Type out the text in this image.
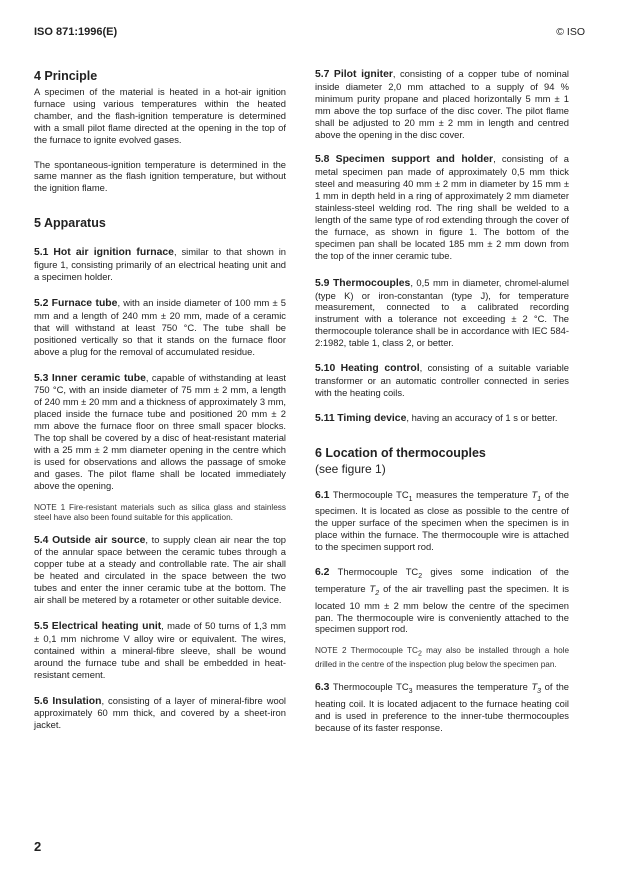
ISO 871:1996(E)	© ISO
4 Principle

A specimen of the material is heated in a hot-air ignition furnace using various temperatures within the heated chamber, and the flash-ignition temperature is determined with a small pilot flame directed at the opening in the top of the furnace to ignite evolved gases.

The spontaneous-ignition temperature is determined in the same manner as the flash ignition temperature, but without the ignition flame.

5 Apparatus

5.1 Hot air ignition furnace, similar to that shown in figure 1, consisting primarily of an electrical heating unit and a specimen holder.

5.2 Furnace tube, with an inside diameter of 100 mm ± 5 mm and a length of 240 mm ± 20 mm, made of a ceramic that will withstand at least 750 °C. The tube shall be positioned vertically so that it stands on the furnace floor above a plug for the removal of accumulated residue.

5.3 Inner ceramic tube, capable of withstanding at least 750 °C, with an inside diameter of 75 mm ± 2 mm, a length of 240 mm ± 20 mm and a thickness of approximately 3 mm, placed inside the furnace tube and positioned 20 mm ± 2 mm above the furnace floor on three small spacer blocks. The top shall be covered by a disc of heat-resistant material with a 25 mm ± 2 mm diameter opening in the centre which is used for observations and allows the passage of smoke and gases. The pilot flame shall be located immediately above the opening.

NOTE 1 Fire-resistant materials such as silica glass and stainless steel have also been found suitable for this application.

5.4 Outside air source, to supply clean air near the top of the annular space between the ceramic tubes through a copper tube at a steady and controllable rate. The air shall be heated and circulated in the space between the two tubes and enter the inner ceramic tube at the bottom. The air shall be metered by a rotameter or other suitable device.

5.5 Electrical heating unit, made of 50 turns of 1,3 mm ± 0,1 mm nichrome V alloy wire or equivalent. The wires, contained within a mineral-fibre sleeve, shall be wound around the furnace tube and shall be embedded in heat-resistant cement.

5.6 Insulation, consisting of a layer of mineral-fibre wool approximately 60 mm thick, and covered by a sheet-iron jacket.

5.7 Pilot igniter, consisting of a copper tube of nominal inside diameter 2,0 mm attached to a supply of 94 % minimum purity propane and placed horizontally 5 mm ± 1 mm above the top surface of the disc cover. The pilot flame shall be adjusted to 20 mm ± 2 mm in length and centred above the opening in the disc cover.

5.8 Specimen support and holder, consisting of a metal specimen pan made of approximately 0,5 mm thick steel and measuring 40 mm ± 2 mm in diameter by 15 mm ± 1 mm in depth held in a ring of approximately 2 mm diameter stainless-steel welding rod. The ring shall be welded to a length of the same type of rod extending through the cover of the furnace, as shown in figure 1. The bottom of the specimen pan shall be located 185 mm ± 2 mm down from the top of the inner ceramic tube.

5.9 Thermocouples, 0,5 mm in diameter, chromel-alumel (type K) or iron-constantan (type J), for temperature measurement, connected to a calibrated recording instrument with a tolerance not exceeding ± 2 °C. The thermocouple tolerance shall be in accordance with IEC 584-2:1982, table 1, class 2, or better.

5.10 Heating control, consisting of a suitable variable transformer or an automatic controller connected in series with the heating coils.

5.11 Timing device, having an accuracy of 1 s or better.

6 Location of thermocouples
(see figure 1)

6.1 Thermocouple $TC_1$ measures the temperature $T_1$ of the specimen. It is located as close as possible to the centre of the upper surface of the specimen when the specimen is in place within the furnace. The thermocouple wire is attached to the specimen support rod.

6.2 Thermocouple $TC_2$ gives some indication of the temperature $T_2$ of the air travelling past the specimen. It is located 10 mm ± 2 mm below the centre of the specimen pan. The thermocouple wire is conveniently attached to the specimen support rod.

NOTE 2 Thermocouple $TC_2$ may also be installed through a hole drilled in the centre of the inspection plug below the specimen pan.

6.3 Thermocouple $TC_3$ measures the temperature $T_3$ of the heating coil. It is located adjacent to the furnace heating coil and is used in preference to the inner-tube thermocouples because of its faster response.

2
